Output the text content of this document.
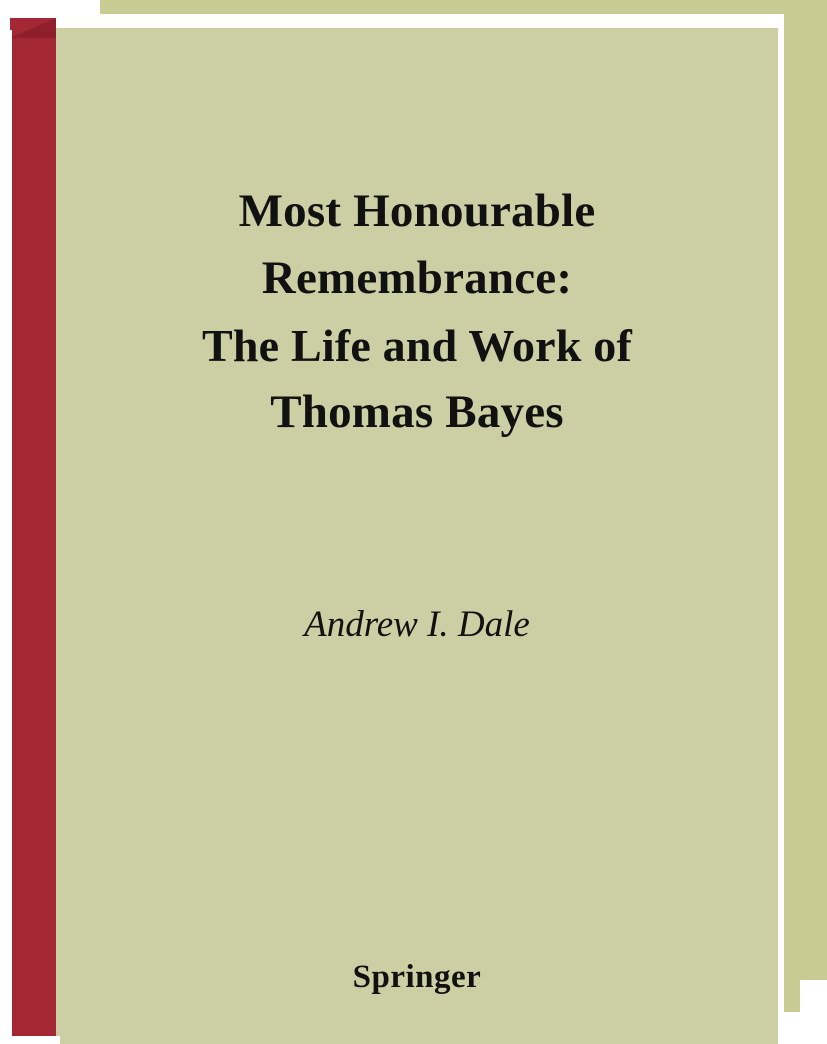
Most Honourable
Remembrance:
The Life and Work of
Thomas Bayes
Andrew I. Dale
Springer
